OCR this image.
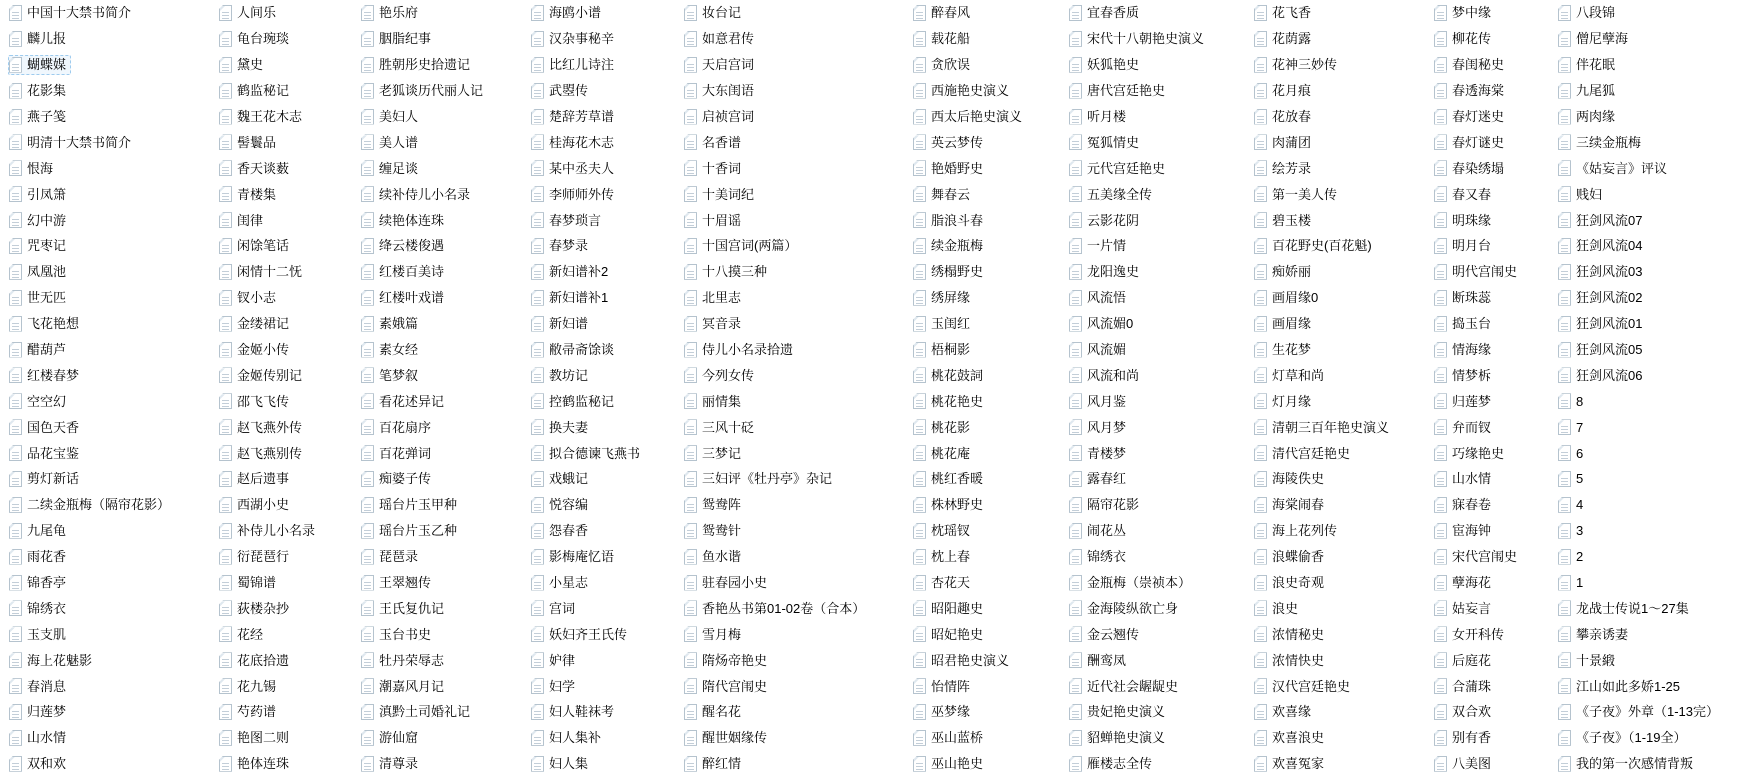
中国十大禁书简介
麟儿报
蝴蝶媒
花影集
燕子笺
明清十大禁书简介
恨海
引凤箫
幻中游
咒枣记
凤凰池
世无匹
飞花艳想
醋葫芦
红楼春梦
空空幻
国色天香
品花宝鉴
剪灯新话
二续金瓶梅（隔帘花影）
九尾龟
雨花香
锦香亭
锦绣衣
玉支肌
海上花魅影
春消息
归莲梦
山水情
双和欢
人间乐
龟台琬琰
黛史
鹤监秘记
魏王花木志
髻鬟品
香天谈薮
青楼集
闺律
闲馀笔话
闲情十二怃
钗小志
金缕裙记
金姬小传
金姬传别记
邵飞飞传
赵飞燕外传
赵飞燕别传
赵后遗事
西湖小史
补侍儿小名录
衍琵琶行
蜀锦谱
荻楼杂抄
花经
花底拾遗
花九锡
芍药谱
艳图二则
艳体连珠
艳乐府
胭脂纪事
胜朝彤史拾遗记
老狐谈历代丽人记
美妇人
美人谱
缠足谈
续补侍儿小名录
续艳体连珠
绛云楼俊遇
红楼百美诗
红楼叶戏谱
素娥篇
素女经
笔梦叙
看花述异记
百花扇序
百花弹词
痴婆子传
瑶台片玉甲种
瑶台片玉乙种
琵琶录
王翠翘传
王氏复仇记
玉台书史
牡丹荣辱志
潮嘉风月记
滇黔土司婚礼记
游仙窟
清尊录
海鸥小谱
汉杂事秘辛
比红儿诗注
武曌传
楚辞芳草谱
桂海花木志
某中丞夫人
李师师外传
春梦琐言
春梦录
新妇谱补2
新妇谱补1
新妇谱
敝帚斋馀谈
教坊记
控鹤监秘记
换夫妻
拟合德谏飞燕书
戏蛾记
悦容编
怨春香
影梅庵忆语
小星志
宫词
妖妇齐王氏传
妒律
妇学
妇人鞋袜考
妇人集补
妇人集
妆台记
如意君传
天启宫词
大东闺语
启祯宫词
名香谱
十香词
十美词纪
十眉谣
十国宫词(两篇）
十八摸三种
北里志
冥音录
侍儿小名录拾遗
今列女传
丽情集
三风十砭
三梦记
三妇评《牡丹亭》杂记
鸳鸯阵
鸳鸯针
鱼水谐
驻春园小史
香艳丛书第01-02卷（合本）
雪月梅
隋炀帝艳史
隋代宫闱史
醒名花
醒世姻缘传
醉红情
醉春风
载花船
贪欣误
西施艳史演义
西太后艳史演义
英云梦传
艳婚野史
舞春云
脂浪斗春
续金瓶梅
绣榻野史
绣屏缘
玉闺红
梧桐影
桃花鼓詞
桃花艳史
桃花影
桃花庵
桃红香暖
株林野史
枕瑶钗
枕上春
杏花天
昭阳趣史
昭妃艳史
昭君艳史演义
怡情阵
巫梦缘
巫山蓝桥
巫山艳史
宜春香质
宋代十八朝艳史演义
妖狐艳史
唐代宫廷艳史
听月楼
冤狐情史
元代宫廷艳史
五美缘全传
云影花阴
一片情
龙阳逸史
风流悟
风流媚0
风流媚
风流和尚
风月鉴
风月梦
青楼梦
露春红
隔帘花影
闹花丛
锦绣衣
金瓶梅（崇祯本）
金海陵纵欲亡身
金云翘传
酬鸾凤
近代社会龌龊史
贵妃艳史演义
貂蝉艳史演义
雁楼志全传
花飞香
花荫露
花神三妙传
花月痕
花放春
肉蒲团
绘芳录
第一美人传
碧玉楼
百花野史(百花魁)
痴娇丽
画眉缘0
画眉缘
生花梦
灯草和尚
灯月缘
清朝三百年艳史演义
清代宫廷艳史
海陵佚史
海棠闹春
海上花列传
浪蝶偷香
浪史奇观
浪史
浓情秘史
浓情快史
汉代宫廷艳史
欢喜缘
欢喜浪史
欢喜冤家
梦中缘
柳花传
春闺秘史
春透海棠
春灯迷史
春灯谜史
春染绣塌
春又春
明珠缘
明月台
明代宫闱史
断珠蕊
捣玉台
情海缘
情梦柝
归莲梦
弁而钗
巧缘艳史
山水情
寐春卷
宦海钟
宋代宫闱史
孽海花
姑妄言
女开科传
后庭花
合蒲珠
双合欢
别有香
八美图
八段锦
僧尼孽海
伴花眠
九尾狐
两肉缘
三续金瓶梅
《姑妄言》评议
贱妇
狂剑风流07
狂剑风流04
狂剑风流03
狂剑风流02
狂剑风流01
狂剑风流05
狂剑风流06
8
7
6
5
4
3
2
1
龙战士传说1～27集
攀亲诱妻
十景緞
江山如此多娇1-25
《子夜》外章（1-13完）
《子夜》（1-19全）
我的第一次感情背叛
